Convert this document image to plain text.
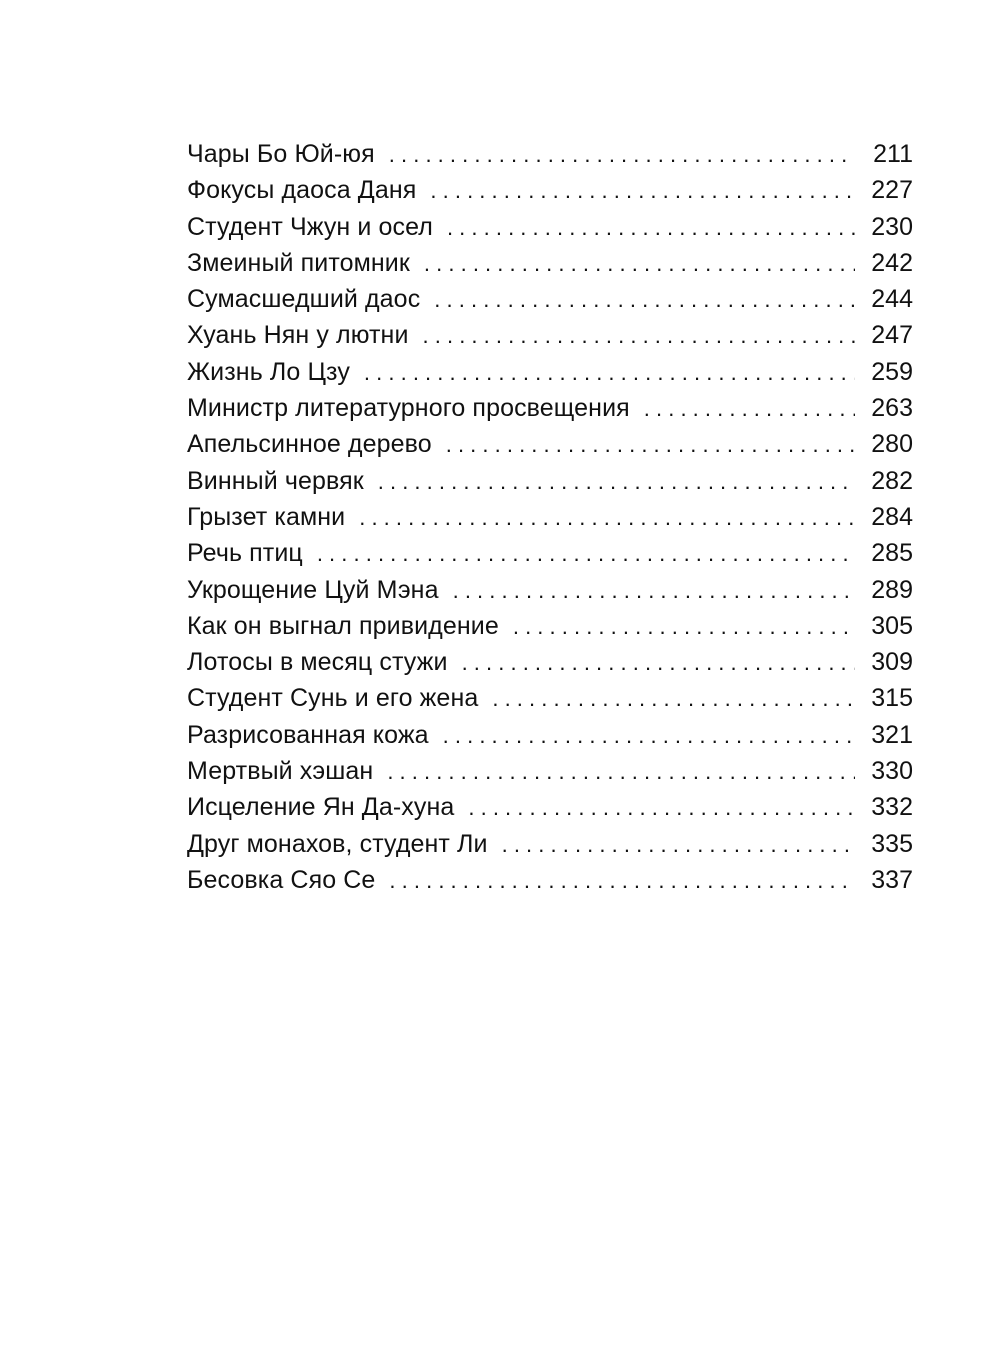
Чары Бо Юй-юя . . .	211
Фокусы даоса Даня . . .	227
Студент Чжун и осел . . .	230
Змеиный питомник . . .	242
Сумасшедший даос . . .	244
Хуань Нян у лютни . . .	247
Жизнь Ло Цзу . . .	259
Министр литературного просвещения . . .	263
Апельсинное дерево . . .	280
Винный червяк . . .	282
Грызет камни . . .	284
Речь птиц . . .	285
Укрощение Цуй Мэна . . .	289
Как он выгнал привидение . . .	305
Лотосы в месяц стужи . . .	309
Студент Сунь и его жена . . .	315
Разрисованная кожа . . .	321
Мертвый хэшан . . .	330
Исцеление Ян Да-хуна . . .	332
Друг монахов, студент Ли . . .	335
Бесовка Сяо Се . . .	337
